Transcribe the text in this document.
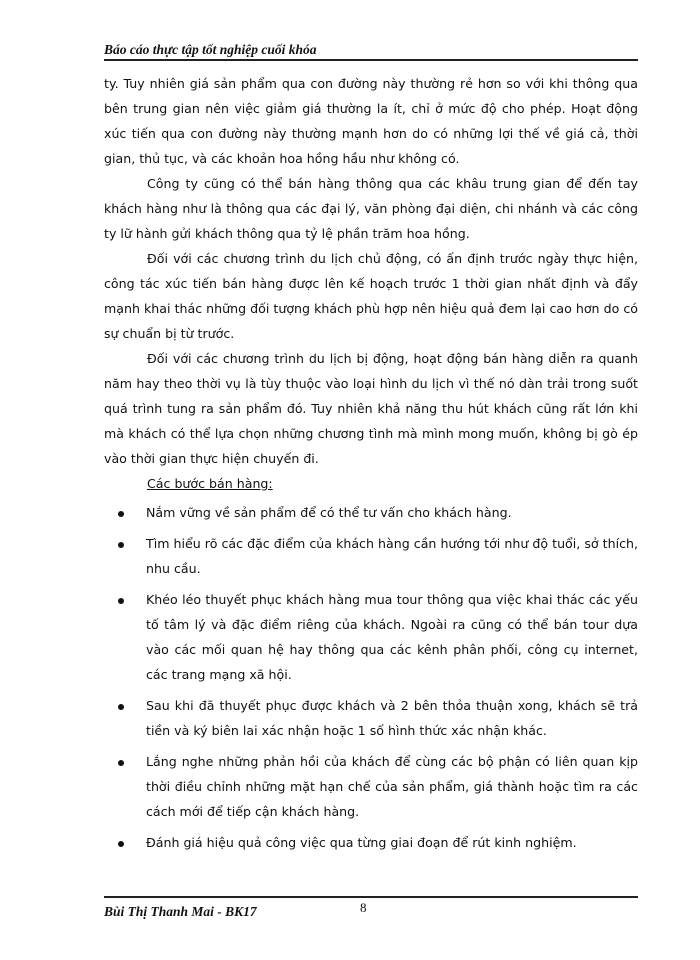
Báo cáo thực tập tốt nghiệp cuối khóa

ty. Tuy nhiên giá sản phẩm qua con đường này thường rẻ hơn so với khi thông qua bên trung gian nên việc giảm giá thường la ít, chỉ ở mức độ cho phép. Hoạt động xúc tiến qua con đường này thường mạnh hơn do có những lợi thế về giá cả, thời gian, thủ tục, và các khoản hoa hồng hầu như không có.

Công ty cũng có thể bán hàng thông qua các khâu trung gian để đến tay khách hàng như là thông qua các đại lý, văn phòng đại diện, chi nhánh và các công ty lữ hành gửi khách thông qua tỷ lệ phần trăm hoa hồng.

Đối với các chương trình du lịch chủ động, có ấn định trước ngày thực hiện, công tác xúc tiến bán hàng được lên kế hoạch trước 1 thời gian nhất định và đẩy mạnh khai thác những đối tượng khách phù hợp nên hiệu quả đem lại cao hơn do có sự chuẩn bị từ trước.

Đối với các chương trình du lịch bị động, hoạt động bán hàng diễn ra quanh năm hay theo thời vụ là tùy thuộc vào loại hình du lịch vì thế nó dàn trải trong suốt quá trình tung ra sản phẩm đó. Tuy nhiên khả năng thu hút khách cũng rất lớn khi mà khách có thể lựa chọn những chương tình mà mình mong muốn, không bị gò ép vào thời gian thực hiện chuyến đi.

Các bước bán hàng:

Nắm vững về sản phẩm để có thể tư vấn cho khách hàng.
Tìm hiểu rõ các đặc điểm của khách hàng cần hướng tới như độ tuổi, sở thích, nhu cầu.
Khéo léo thuyết phục khách hàng mua tour thông qua việc khai thác các yếu tố tâm lý và đặc điểm riêng của khách. Ngoài ra cũng có thể bán tour dựa vào các mối quan hệ hay thông qua các kênh phân phối, công cụ internet, các trang mạng xã hội.
Sau khi đã thuyết phục được khách và 2 bên thỏa thuận xong, khách sẽ trả tiền và ký biên lai xác nhận hoặc 1 số hình thức xác nhận khác.
Lắng nghe những phản hồi của khách để cùng các bộ phận có liên quan kịp thời điều chỉnh những mặt hạn chế của sản phẩm, giá thành hoặc tìm ra các cách mới để tiếp cận khách hàng.
Đánh giá hiệu quả công việc qua từng giai đoạn để rút kinh nghiệm.
Bùi Thị Thanh Mai - BK17	8
